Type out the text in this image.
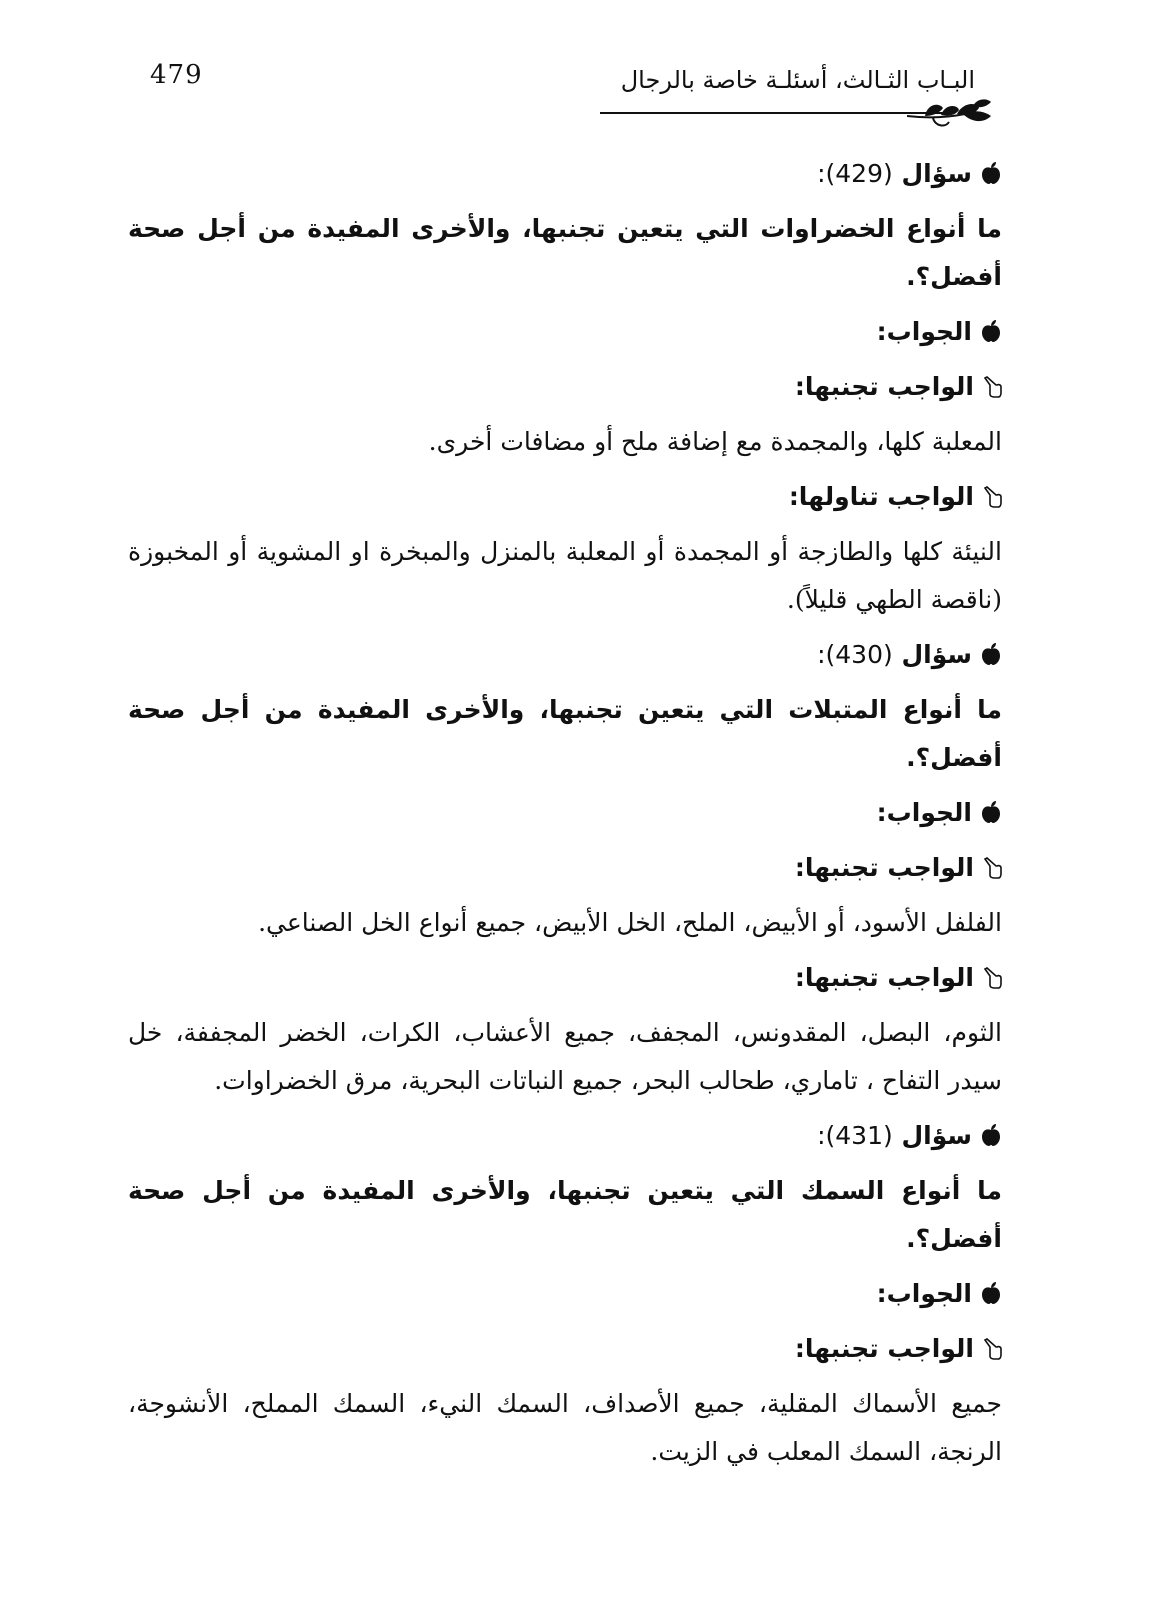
479	البـاب الثـالث، أسئلـة خاصة بالرجال
سؤال (429):
ما أنواع الخضراوات التي يتعين تجنبها، والأخرى المفيدة من أجل صحة أفضل؟.
الجواب:
الواجب تجنبها:
المعلبة كلها، والمجمدة مع إضافة ملح أو مضافات أخرى.
الواجب تناولها:
النيئة كلها والطازجة أو المجمدة أو المعلبة بالمنزل والمبخرة او المشوية أو المخبوزة (ناقصة الطهي قليلاً).
سؤال (430):
ما أنواع المتبلات التي يتعين تجنبها، والأخرى المفيدة من أجل صحة أفضل؟.
الجواب:
الواجب تجنبها:
الفلفل الأسود، أو الأبيض، الملح، الخل الأبيض، جميع أنواع الخل الصناعي.
الواجب تجنبها:
الثوم، البصل، المقدونس، المجفف، جميع الأعشاب، الكرات، الخضر المجففة، خل سيدر التفاح ، تاماري، طحالب البحر، جميع النباتات البحرية، مرق الخضراوات.
سؤال (431):
ما أنواع السمك التي يتعين تجنبها، والأخرى المفيدة من أجل صحة أفضل؟.
الجواب:
الواجب تجنبها:
جميع الأسماك المقلية، جميع الأصداف، السمك النيء، السمك المملح، الأنشوجة، الرنجة، السمك المعلب في الزيت.
